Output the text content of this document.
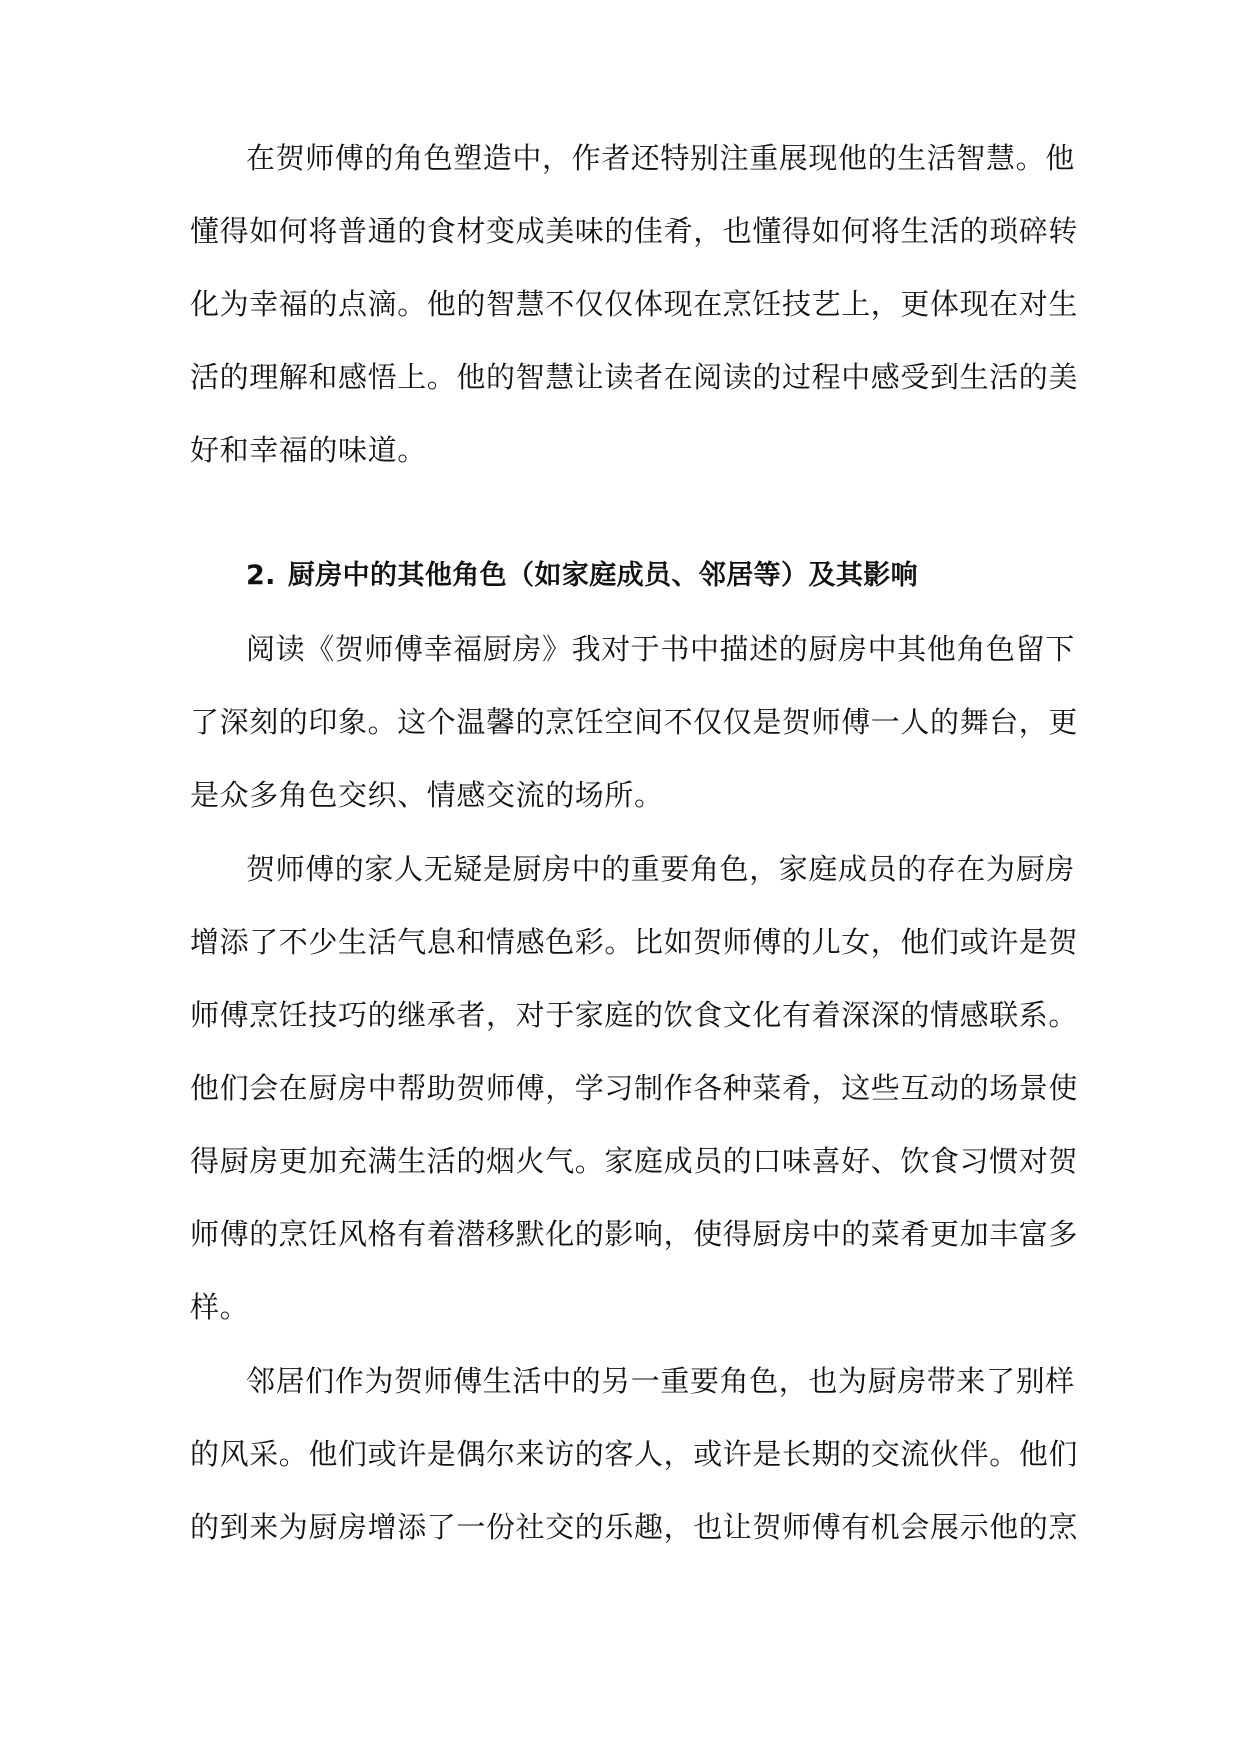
在贺师傅的角色塑造中，作者还特别注重展现他的生活智慧。他
懂得如何将普通的食材变成美味的佳肴，也懂得如何将生活的琐碎转
化为幸福的点滴。他的智慧不仅仅体现在烹饪技艺上，更体现在对生
活的理解和感悟上。他的智慧让读者在阅读的过程中感受到生活的美
好和幸福的味道。
2. 厨房中的其他角色（如家庭成员、邻居等）及其影响
阅读《贺师傅幸福厨房》我对于书中描述的厨房中其他角色留下
了深刻的印象。这个温馨的烹饪空间不仅仅是贺师傅一人的舞台，更
是众多角色交织、情感交流的场所。
贺师傅的家人无疑是厨房中的重要角色，家庭成员的存在为厨房
增添了不少生活气息和情感色彩。比如贺师傅的儿女，他们或许是贺
师傅烹饪技巧的继承者，对于家庭的饮食文化有着深深的情感联系。
他们会在厨房中帮助贺师傅，学习制作各种菜肴，这些互动的场景使
得厨房更加充满生活的烟火气。家庭成员的口味喜好、饮食习惯对贺
师傅的烹饪风格有着潜移默化的影响，使得厨房中的菜肴更加丰富多
样。
邻居们作为贺师傅生活中的另一重要角色，也为厨房带来了别样
的风采。他们或许是偶尔来访的客人，或许是长期的交流伙伴。他们
的到来为厨房增添了一份社交的乐趣，也让贺师傅有机会展示他的烹
